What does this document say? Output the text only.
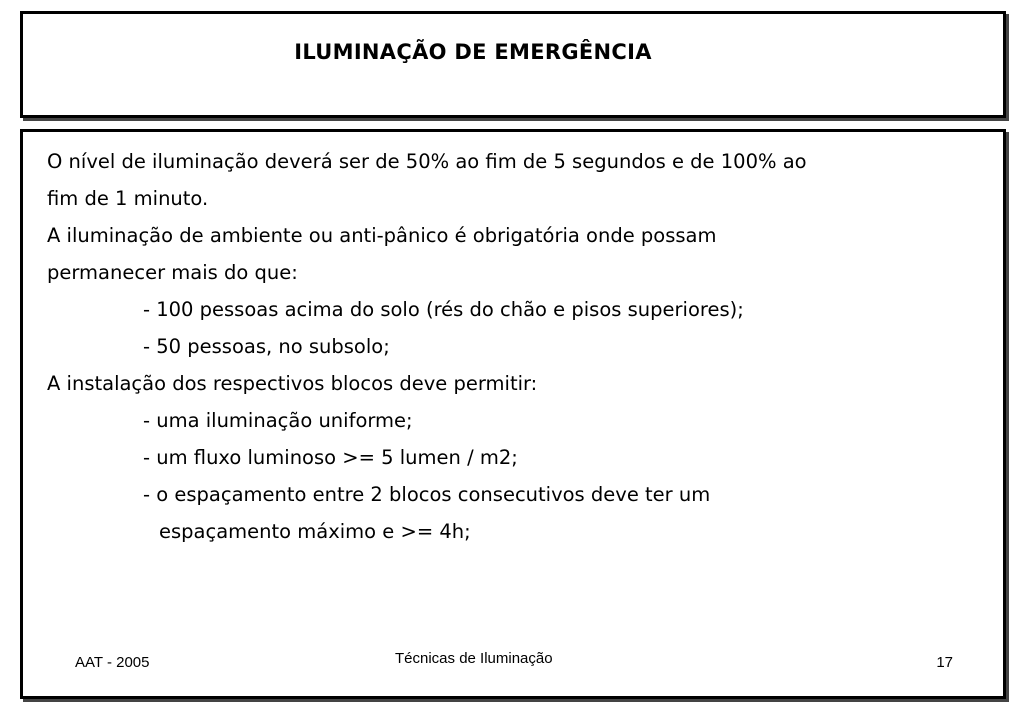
ILUMINAÇÃO DE EMERGÊNCIA
O nível de iluminação deverá ser de 50% ao fim de 5 segundos e de 100% ao
fim de 1 minuto.
A iluminação de ambiente ou anti-pânico é obrigatória onde possam
permanecer mais do que:
- 100 pessoas acima do solo (rés do chão e pisos superiores);
- 50 pessoas, no subsolo;
A instalação dos respectivos blocos deve permitir:
- uma iluminação uniforme;
- um fluxo luminoso >= 5 lumen / m2;
- o espaçamento entre 2 blocos consecutivos deve ter um
espaçamento máximo e >= 4h;
AAT - 2005	Técnicas de Iluminação	17
